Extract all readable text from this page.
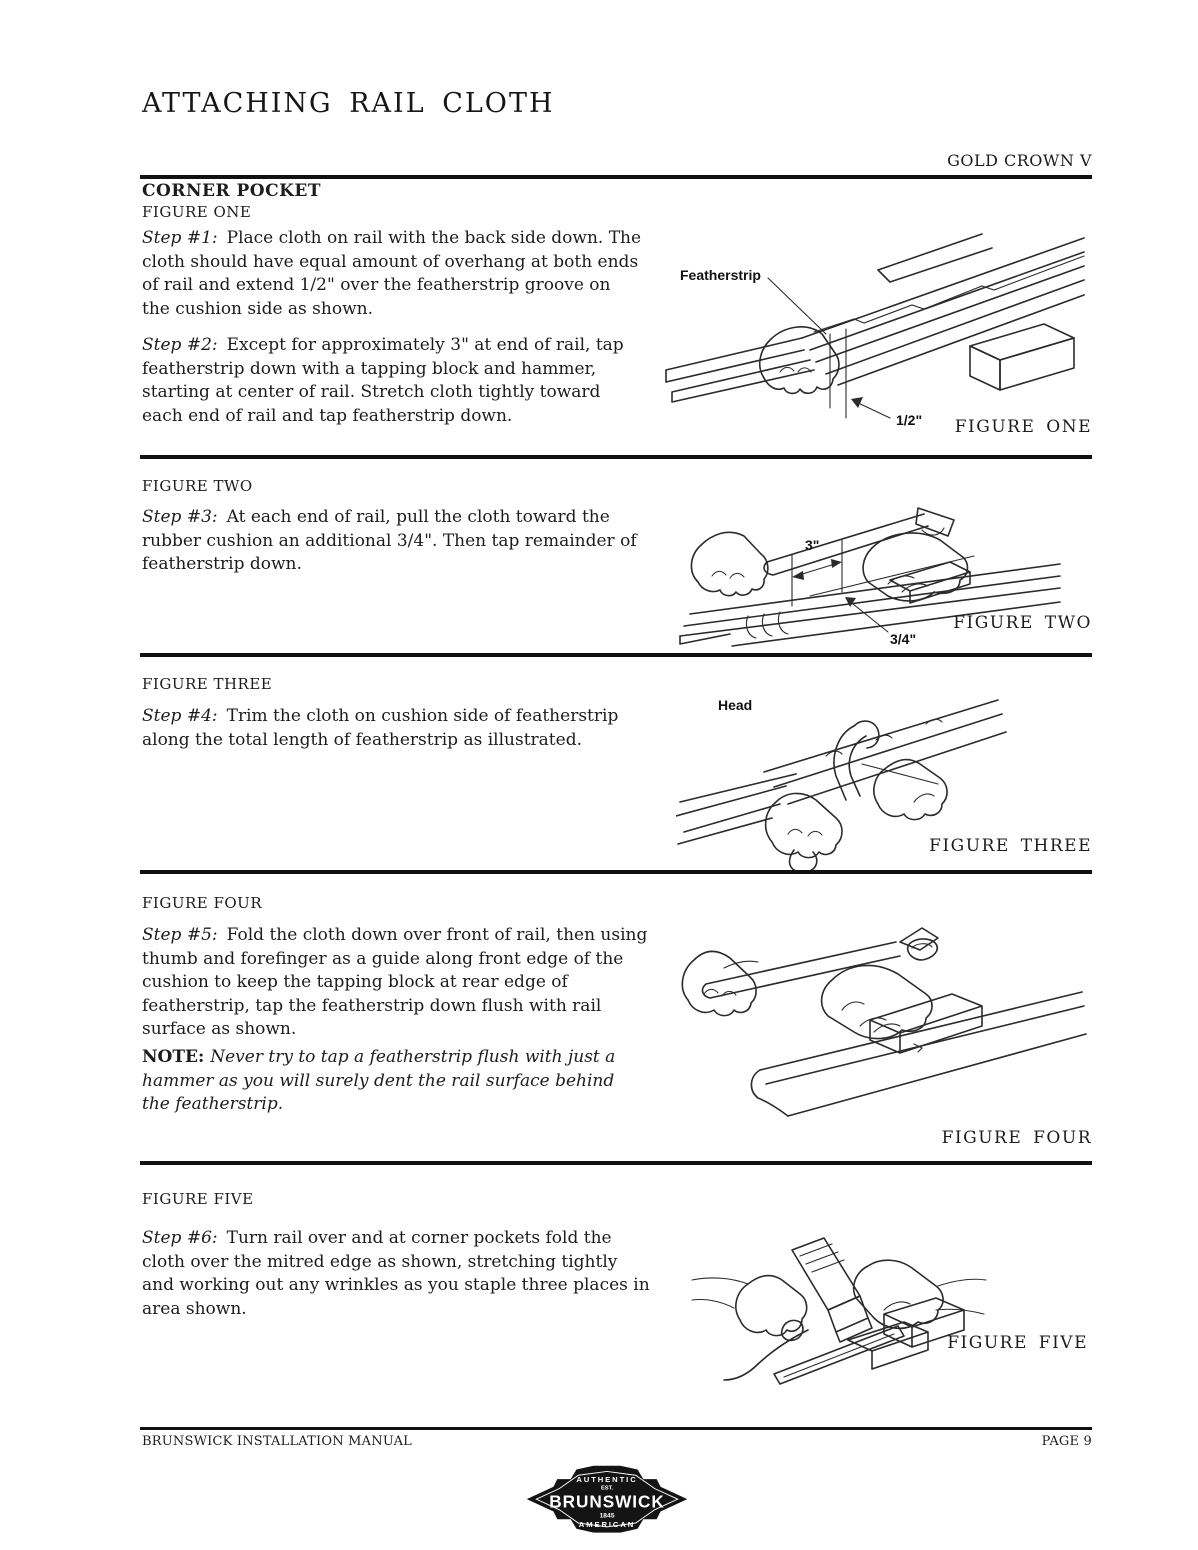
ATTACHING RAIL CLOTH
GOLD CROWN V
CORNER POCKET
FIGURE ONE

Step #1: Place cloth on rail with the back side down. The cloth should have equal amount of overhang at both ends of rail and extend 1/2" over the featherstrip groove on the cushion side as shown.

Step #2: Except for approximately 3" at end of rail, tap featherstrip down with a tapping block and hammer, starting at center of rail. Stretch cloth tightly toward each end of rail and tap featherstrip down.

Featherstrip
1/2"	FIGURE ONE
FIGURE TWO

Step #3: At each end of rail, pull the cloth toward the rubber cushion an additional 3/4". Then tap remainder of featherstrip down.

3"
3/4"
FIGURE TWO
FIGURE THREE

Step #4: Trim the cloth on cushion side of featherstrip along the total length of featherstrip as illustrated.

Head
FIGURE THREE
FIGURE FOUR

Step #5: Fold the cloth down over front of rail, then using thumb and forefinger as a guide along front edge of the cushion to keep the tapping block at rear edge of featherstrip, tap the featherstrip down flush with rail surface as shown.

NOTE: Never try to tap a featherstrip flush with just a hammer as you will surely dent the rail surface behind the featherstrip.

FIGURE FOUR
FIGURE FIVE

Step #6: Turn rail over and at corner pockets fold the cloth over the mitred edge as shown, stretching tightly and working out any wrinkles as you staple three places in area shown.

FIGURE FIVE
BRUNSWICK INSTALLATION MANUAL	PAGE 9
AUTHENTIC
EST.
BRUNSWICK
1845
AMERICAN
